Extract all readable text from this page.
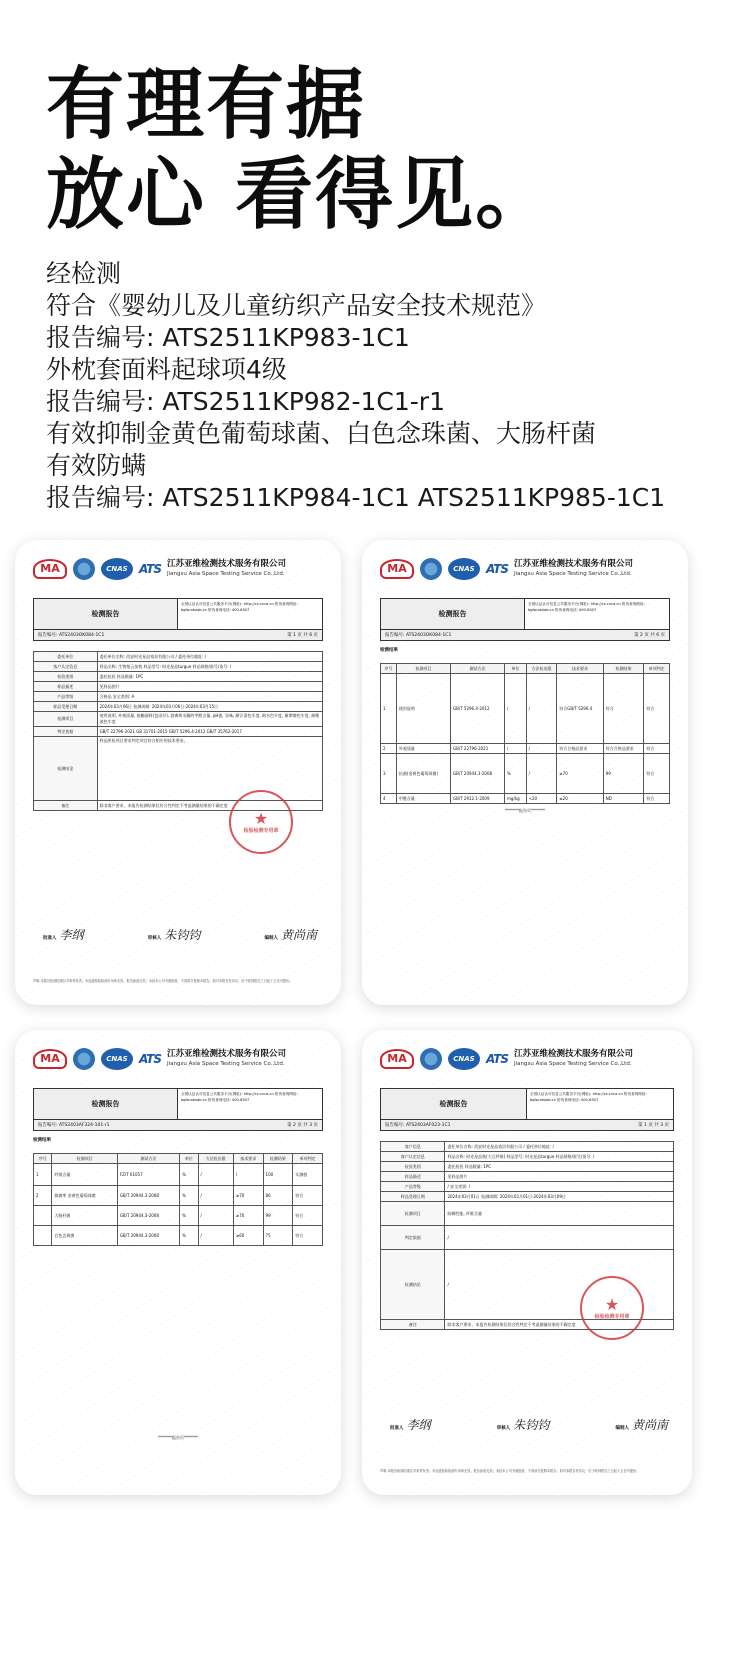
有理有据
放心 看得见。

经检测

符合《婴幼儿及儿童纺织产品安全技术规范》

报告编号: ATS2511KP983-1C1

外枕套面料起球项4级

报告编号: ATS2511KP982-1C1-r1

有效抑制金黄色葡萄球菌、白色念珠菌、大肠杆菌

有效防螨

报告编号: ATS2511KP984-1C1 ATS2511KP985-1C1

MA	CNAS ATS 江苏亚维检测技术服务有限公司
Jiangsu Asia Space Testing Service Co.,Ltd.
检测报告
全国认证认可信息公共服务平台(网址): http://cx.cnca.cn 防伪查询网址: bgfw.atslab.cn 防伪查询电话: 400-6307
报告编号: ATS2403OK084-1C1	第 1 页 共 6 页
委托单位	委托单位名称: 西安时光星品家居有限公司 / 委托单位地址: /
客户认定信息	样品名称: 生物基云丝枕 样品型号: 时光星品turgue 样品规格/款号/货号: /
检验类别	委托检验 样品数量: 1PC
样品描述	见样品图片
产品等级	合格品 安全类别: A
样品受理日期	2024年03月06日 检测周期: 2024年03月06日-2024年03月15日
检测项目	使用说明, 外观质量, 接触面料(包涂层), 游离和水解的甲醛含量, pH值, 异味, 耐汗渍色牢度, 耐水色牢度, 耐摩擦色牢度, 耐唾液色牢度
判定依据	GB/T 22796-2021 GB 31701-2015 GB/T 5296.4-2012 GB/T 35762-2017
检测结论	样品所检项目要求判定项目符合相应的技术要求。
备注	除非客户要求，本报告检测结果仅符合性判定不考虑测量结果的不确定度
★
检验检测专用章
批准人 李纲	审核人 朱钧钧	编制人 黄尚南
声明:本报告检测结果仅对来样负责。未加盖检验检测专用章无效。报告涂改无效。未经本公司书面批准，不得部分复制本报告。如对本报告有异议，应于收到报告之日起十五日内提出。
MA	CNAS ATS 江苏亚维检测技术服务有限公司
Jiangsu Asia Space Testing Service Co.,Ltd.
检测报告
全国认证认可信息公共服务平台(网址): http://cx.cnca.cn 防伪查询网址: bgfw.atslab.cn 防伪查询电话: 400-6307
报告编号: ATS2403OK084-1C1	第 2 页 共 6 页
检测结果
序号	检测项目	测试方法	单位	方法检出限	技术要求	检测结果	单项判定
1	使用说明	GB/T 5296.4-2012	/	/	符合GB/T 5296.4	符合	符合
2	外观质量	GB/T 22796-2021	/	/	符合合格品要求	符合合格品要求	符合
3	抗菌(金黄色葡萄球菌)	GB/T 20944.3-2008	%	/	≥70	99	符合
4	甲醛含量	GB/T 2912.1-2009	mg/kg	<20	≤20	ND	符合
*******报告页*******
MA	CNAS ATS 江苏亚维检测技术服务有限公司
Jiangsu Asia Space Testing Service Co.,Ltd.
检测报告
全国认证认可信息公共服务平台(网址): http://cx.cnca.cn 防伪查询网址: bgfw.atslab.cn 防伪查询电话: 400-6307
报告编号: ATS2403AF324-101-r1	第 2 页 共 3 页
检测结果
序号	检测项目	测试方法	单位	方法检出限	技术要求	检测结果	单项判定
1	纤维含量	FZ/T 01057	%	/	/	100	实测值
2	抑菌率 金黄色葡萄球菌	GB/T 20944.3-2008	%	/	≥70	86	符合
	大肠杆菌	GB/T 20944.3-2008	%	/	≥70	99	符合
	白色念珠菌	GB/T 20944.3-2008	%	/	≥60	75	符合
*******报告页*******
MA	CNAS ATS 江苏亚维检测技术服务有限公司
Jiangsu Asia Space Testing Service Co.,Ltd.
检测报告
全国认证认可信息公共服务平台(网址): http://cx.cnca.cn 防伪查询网址: bgfw.atslab.cn 防伪查询电话: 400-6307
报告编号: ATS2403AF023-1C1	第 1 页 共 3 页
客户信息	委托单位名称: 西安时光星品家居有限公司 / 委托单位地址: /
客户认定信息	样品名称: 时光星品枕(大豆纤维) 样品型号: 时光星品turgue 样品规格/款号/货号: /
检验类别	委托检验 样品数量: 1PC
样品描述	见样品图片
产品等级	/ 安全类别: /
样品受理日期	2024年03月01日 检测周期: 2024年03月01日-2024年03月09日
检测项目	防螨性能, 纤维含量
判定依据	/
检测结论	/
备注	除非客户要求，本报告检测结果仅符合性判定不考虑测量结果的不确定度
★
检验检测专用章
批准人 李纲	审核人 朱钧钧	编制人 黄尚南
声明:本报告检测结果仅对来样负责。未加盖检验检测专用章无效。报告涂改无效。未经本公司书面批准，不得部分复制本报告。如对本报告有异议，应于收到报告之日起十五日内提出。
